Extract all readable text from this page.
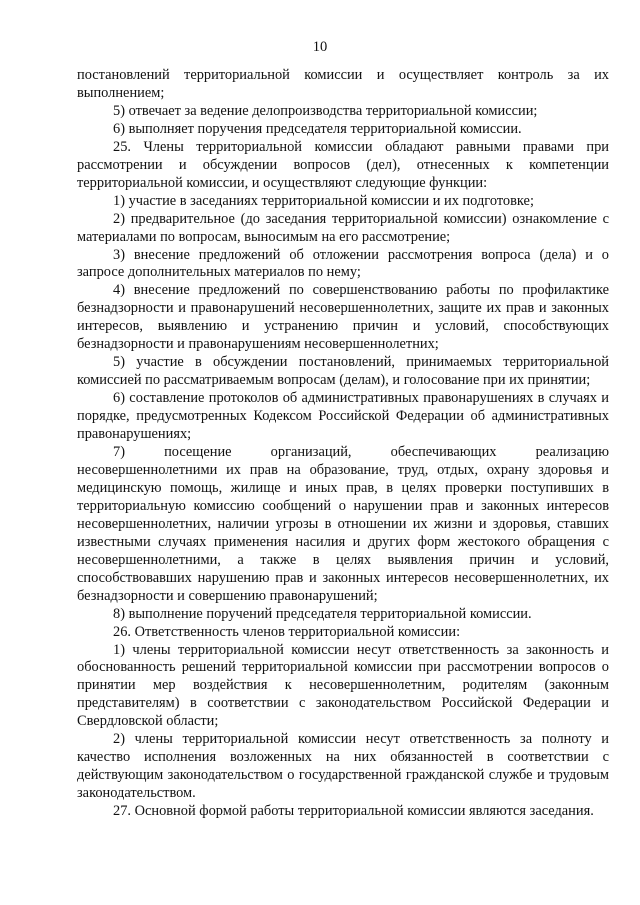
10

постановлений территориальной комиссии и осуществляет контроль за их выполнением;

5) отвечает за ведение делопроизводства территориальной комиссии;

6) выполняет поручения председателя территориальной комиссии.

25. Члены территориальной комиссии обладают равными правами при рассмотрении и обсуждении вопросов (дел), отнесенных к компетенции территориальной комиссии, и осуществляют следующие функции:

1) участие в заседаниях территориальной комиссии и их подготовке;

2) предварительное (до заседания территориальной комиссии) ознакомление с материалами по вопросам, выносимым на его рассмотрение;

3) внесение предложений об отложении рассмотрения вопроса (дела) и о запросе дополнительных материалов по нему;

4) внесение предложений по совершенствованию работы по профилактике безнадзорности и правонарушений несовершеннолетних, защите их прав и законных интересов, выявлению и устранению причин и условий, способствующих безнадзорности и правонарушениям несовершеннолетних;

5) участие в обсуждении постановлений, принимаемых территориальной комиссией по рассматриваемым вопросам (делам), и голосование при их принятии;

6) составление протоколов об административных правонарушениях в случаях и порядке, предусмотренных Кодексом Российской Федерации об административных правонарушениях;

7) посещение организаций, обеспечивающих реализацию несовершеннолетними их прав на образование, труд, отдых, охрану здоровья и медицинскую помощь, жилище и иных прав, в целях проверки поступивших в территориальную комиссию сообщений о нарушении прав и законных интересов несовершеннолетних, наличии угрозы в отношении их жизни и здоровья, ставших известными случаях применения насилия и других форм жестокого обращения с несовершеннолетними, а также в целях выявления причин и условий, способствовавших нарушению прав и законных интересов несовершеннолетних, их безнадзорности и совершению правонарушений;

8) выполнение поручений председателя территориальной комиссии.

26. Ответственность членов территориальной комиссии:

1) члены территориальной комиссии несут ответственность за законность и обоснованность решений территориальной комиссии при рассмотрении вопросов о принятии мер воздействия к несовершеннолетним, родителям (законным представителям) в соответствии с законодательством Российской Федерации и Свердловской области;

2) члены территориальной комиссии несут ответственность за полноту и качество исполнения возложенных на них обязанностей в соответствии с действующим законодательством о государственной гражданской службе и трудовым законодательством.

27. Основной формой работы территориальной комиссии являются заседания.
